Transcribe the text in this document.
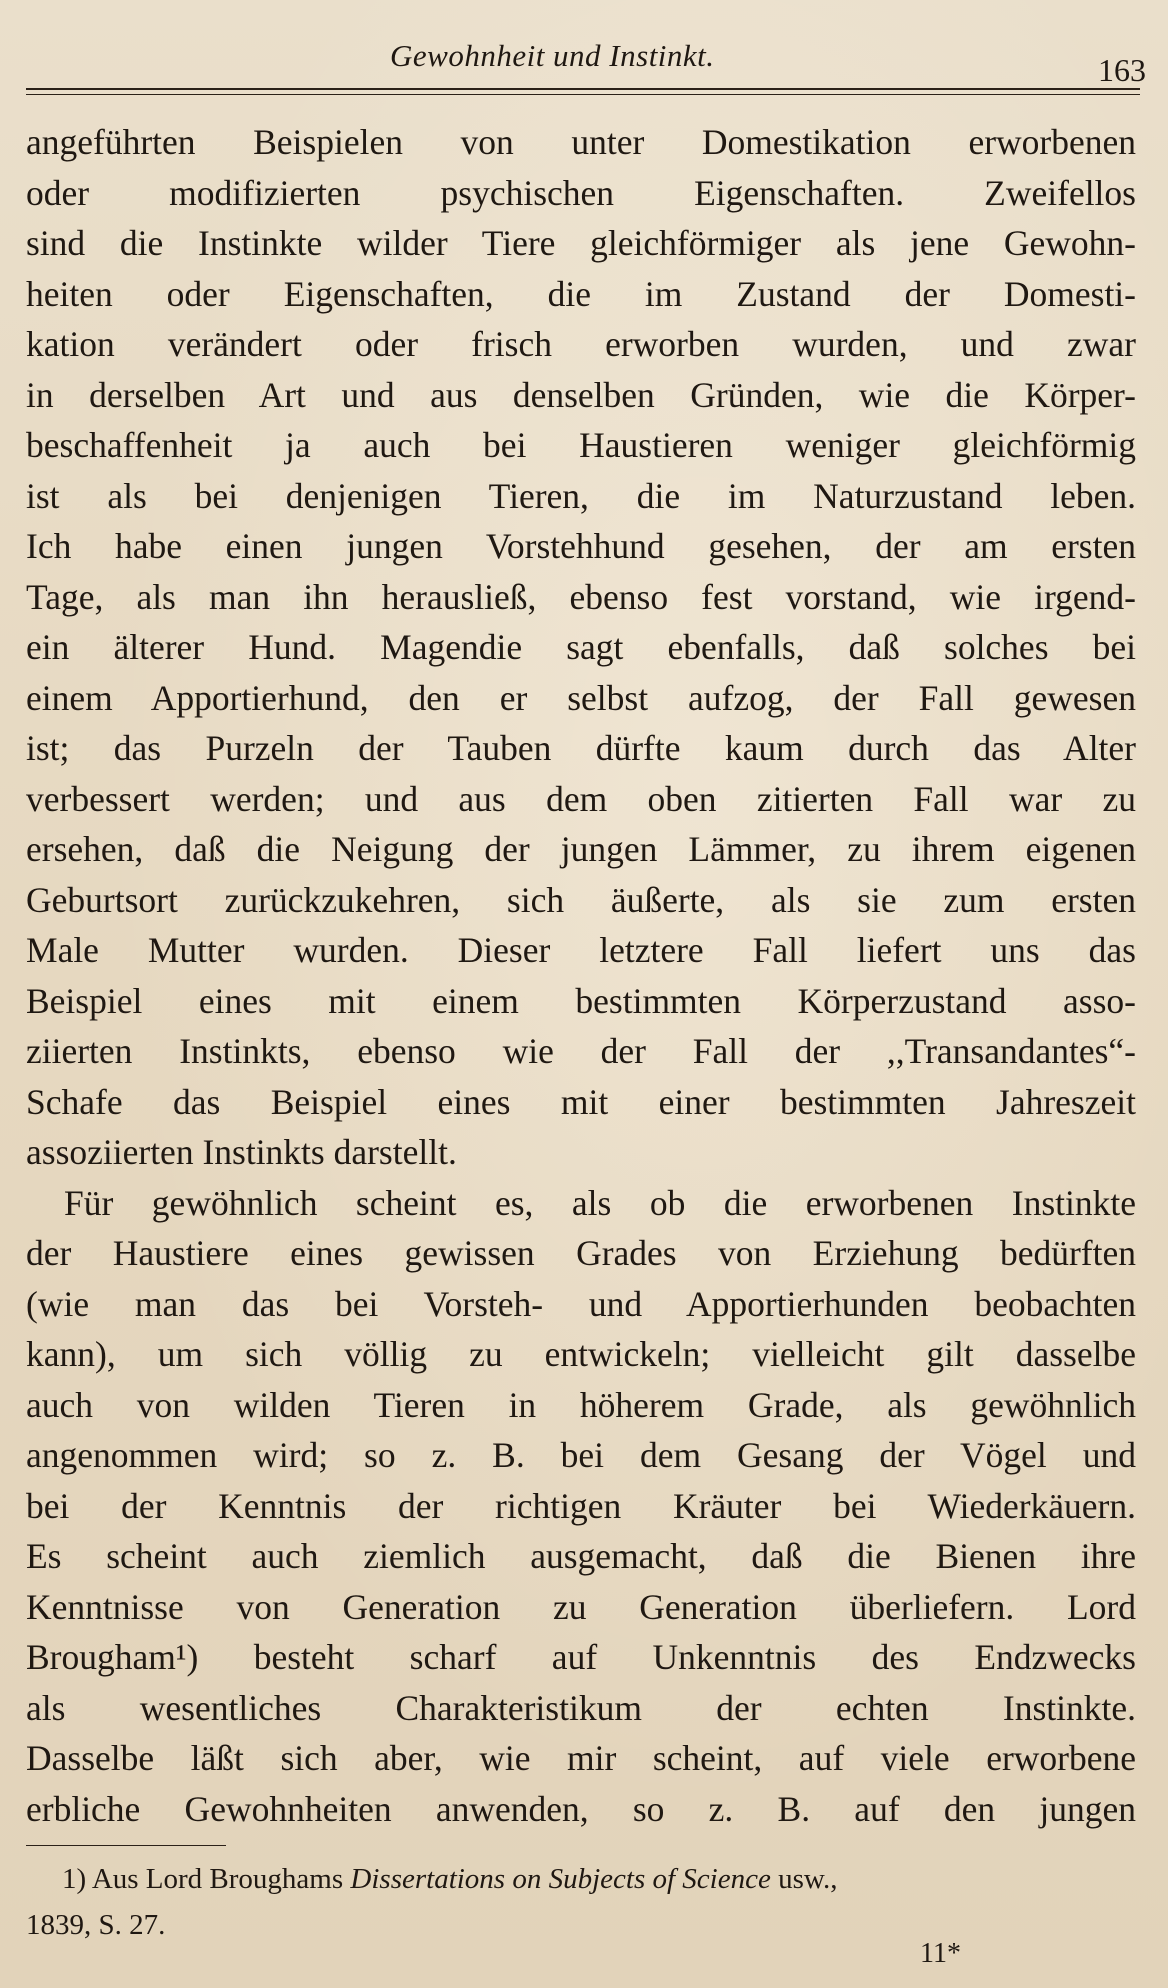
Gewohnheit und Instinkt.	163
angeführten Beispielen von unter Domestikation erworbenen
oder modifizierten psychischen Eigenschaften. Zweifellos
sind die Instinkte wilder Tiere gleichförmiger als jene Gewohn-
heiten oder Eigenschaften, die im Zustand der Domesti-
kation verändert oder frisch erworben wurden, und zwar
in derselben Art und aus denselben Gründen, wie die Körper-
beschaffenheit ja auch bei Haustieren weniger gleichförmig
ist als bei denjenigen Tieren, die im Naturzustand leben.
Ich habe einen jungen Vorstehhund gesehen, der am ersten
Tage, als man ihn herausließ, ebenso fest vorstand, wie irgend-
ein älterer Hund. Magendie sagt ebenfalls, daß solches bei
einem Apportierhund, den er selbst aufzog, der Fall gewesen
ist; das Purzeln der Tauben dürfte kaum durch das Alter
verbessert werden; und aus dem oben zitierten Fall war zu
ersehen, daß die Neigung der jungen Lämmer, zu ihrem eigenen
Geburtsort zurückzukehren, sich äußerte, als sie zum ersten
Male Mutter wurden. Dieser letztere Fall liefert uns das
Beispiel eines mit einem bestimmten Körperzustand asso-
ziierten Instinkts, ebenso wie der Fall der ,,Transandantes“-
Schafe das Beispiel eines mit einer bestimmten Jahreszeit
assoziierten Instinkts darstellt.
Für gewöhnlich scheint es, als ob die erworbenen Instinkte
der Haustiere eines gewissen Grades von Erziehung bedürften
(wie man das bei Vorsteh- und Apportierhunden beobachten
kann), um sich völlig zu entwickeln; vielleicht gilt dasselbe
auch von wilden Tieren in höherem Grade, als gewöhnlich
angenommen wird; so z. B. bei dem Gesang der Vögel und
bei der Kenntnis der richtigen Kräuter bei Wiederkäuern.
Es scheint auch ziemlich ausgemacht, daß die Bienen ihre
Kenntnisse von Generation zu Generation überliefern. Lord
Brougham¹) besteht scharf auf Unkenntnis des Endzwecks
als wesentliches Charakteristikum der echten Instinkte.
Dasselbe läßt sich aber, wie mir scheint, auf viele erworbene
erbliche Gewohnheiten anwenden, so z. B. auf den jungen
1) Aus Lord Broughams Dissertations on Subjects of Science usw.,
1839, S. 27.
11*
